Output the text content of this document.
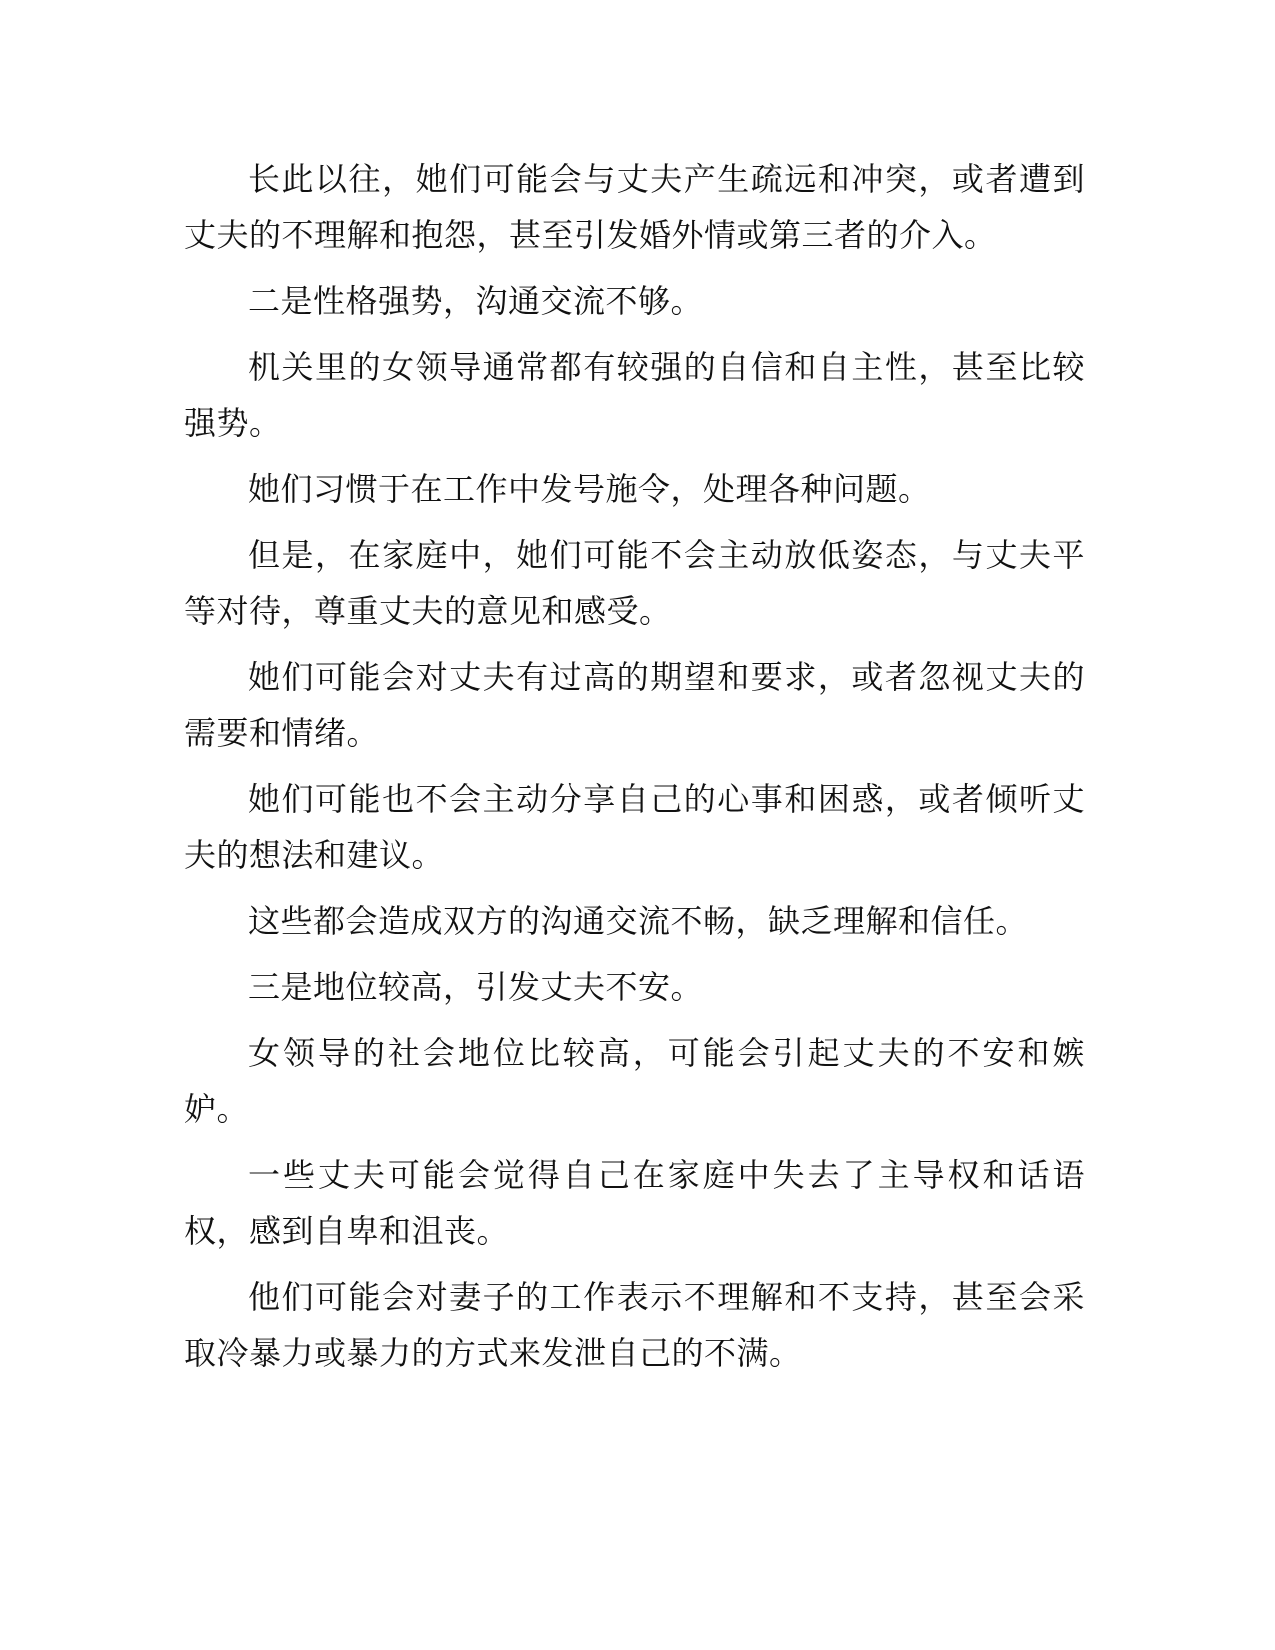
长此以往，她们可能会与丈夫产生疏远和冲突，或者遭到丈夫的不理解和抱怨，甚至引发婚外情或第三者的介入。

二是性格强势，沟通交流不够。

机关里的女领导通常都有较强的自信和自主性，甚至比较强势。

她们习惯于在工作中发号施令，处理各种问题。

但是，在家庭中，她们可能不会主动放低姿态，与丈夫平等对待，尊重丈夫的意见和感受。

她们可能会对丈夫有过高的期望和要求，或者忽视丈夫的需要和情绪。

她们可能也不会主动分享自己的心事和困惑，或者倾听丈夫的想法和建议。

这些都会造成双方的沟通交流不畅，缺乏理解和信任。

三是地位较高，引发丈夫不安。

女领导的社会地位比较高，可能会引起丈夫的不安和嫉妒。

一些丈夫可能会觉得自己在家庭中失去了主导权和话语权，感到自卑和沮丧。

他们可能会对妻子的工作表示不理解和不支持，甚至会采取冷暴力或暴力的方式来发泄自己的不满。
